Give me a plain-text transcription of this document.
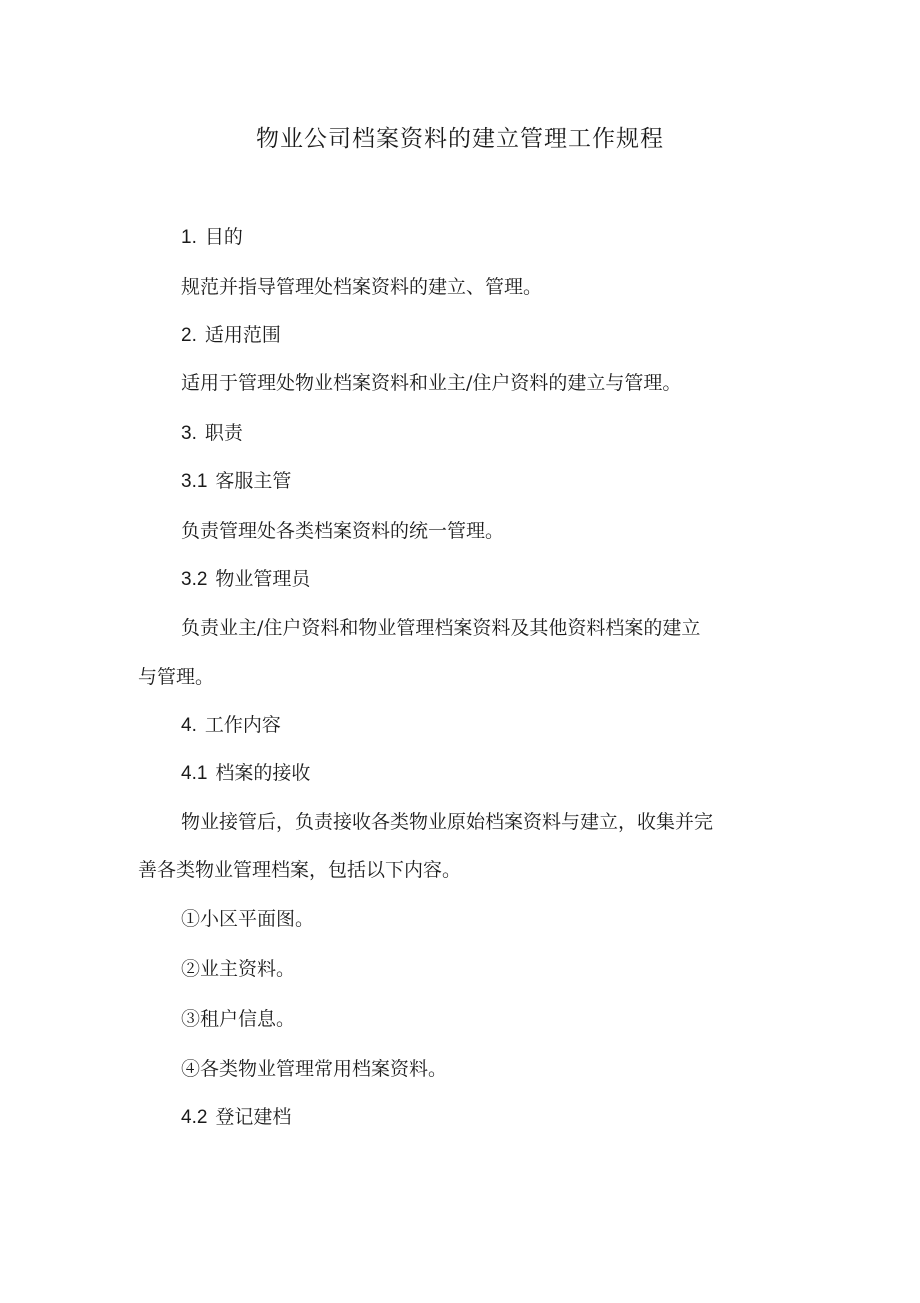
物业公司档案资料的建立管理工作规程
1. 目的
规范并指导管理处档案资料的建立、管理。
2. 适用范围
适用于管理处物业档案资料和业主/住户资料的建立与管理。
3. 职责
3.1 客服主管
负责管理处各类档案资料的统一管理。
3.2 物业管理员
负责业主/住户资料和物业管理档案资料及其他资料档案的建立
与管理。
4. 工作内容
4.1 档案的接收
物业接管后，负责接收各类物业原始档案资料与建立，收集并完
善各类物业管理档案，包括以下内容。
①小区平面图。
②业主资料。
③租户信息。
④各类物业管理常用档案资料。
4.2 登记建档
